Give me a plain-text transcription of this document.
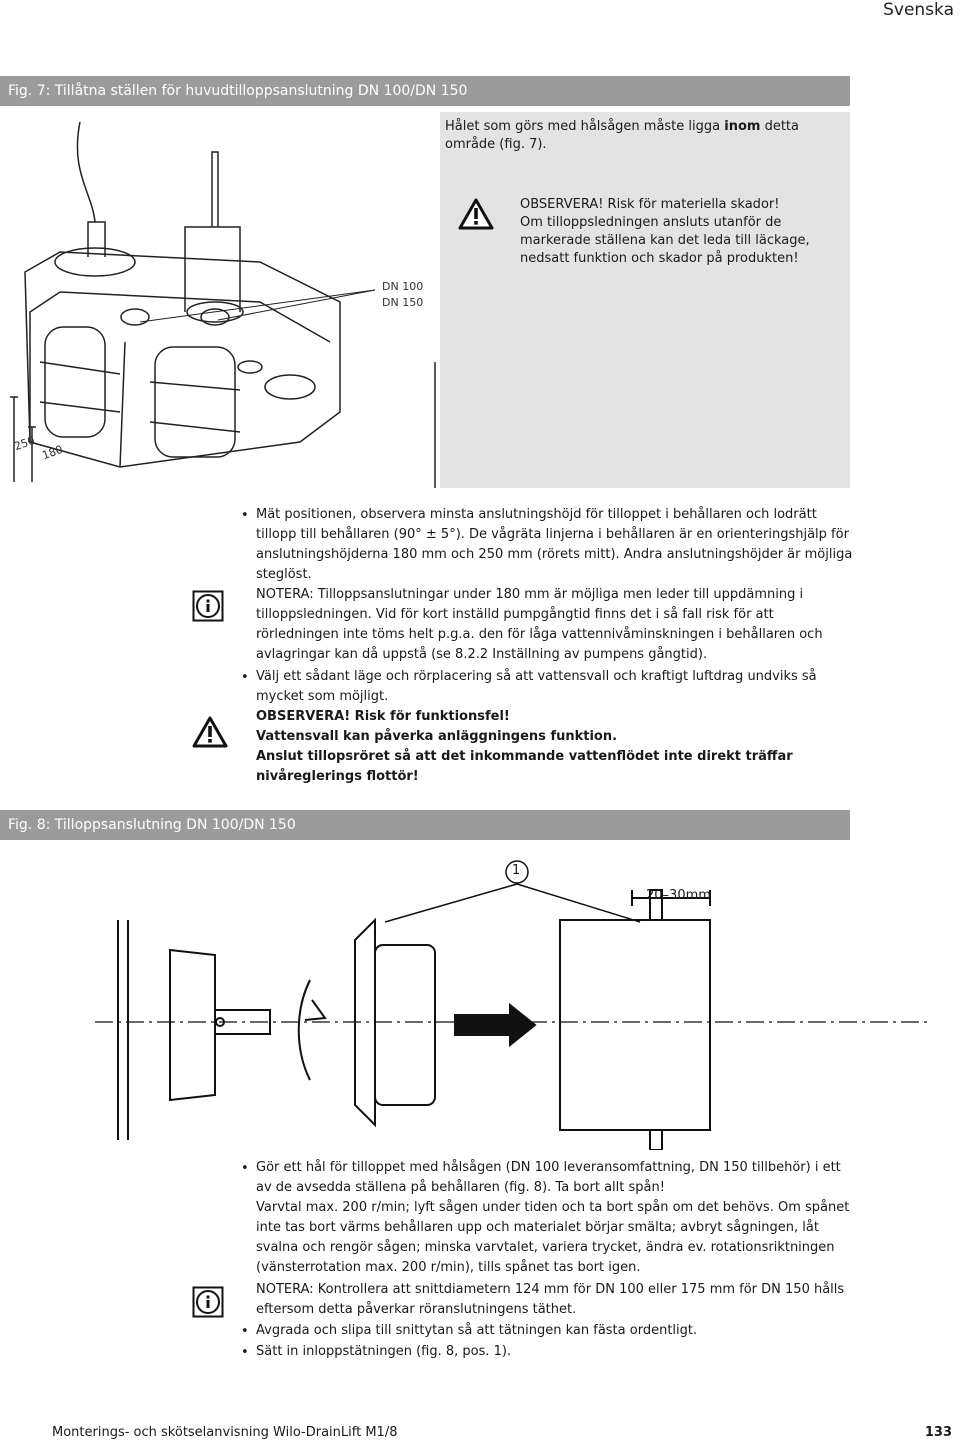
Svenska
Fig. 7: Tillåtna ställen för huvudtilloppsanslutning DN 100/DN 150
DN 100
DN 150
250 180
Hålet som görs med hålsågen måste ligga inom detta område (fig. 7).
OBSERVERA! Risk för materiella skador!
Om tilloppsledningen ansluts utanför de markerade ställena kan det leda till läckage, nedsatt funktion och skador på produkten!
• Mät positionen, observera minsta anslutningshöjd för tilloppet i behållaren och lodrätt tillopp till behållaren (90° ± 5°). De vågräta linjerna i behållaren är en orienteringshjälp för anslutningshöjderna 180 mm och 250 mm (rörets mitt). Andra anslutningshöjder är möjliga steglöst.
NOTERA: Tilloppsanslutningar under 180 mm är möjliga men leder till uppdämning i tilloppsledningen. Vid för kort inställd pumpgångtid finns det i så fall risk för att rörledningen inte töms helt p.g.a. den för låga vattennivåminskningen i behållaren och avlagringar kan då uppstå (se 8.2.2 Inställning av pumpens gångtid).
• Välj ett sådant läge och rörplacering så att vattensvall och kraftigt luftdrag undviks så mycket som möjligt.
OBSERVERA! Risk för funktionsfel!
Vattensvall kan påverka anläggningens funktion.
Anslut tillopsröret så att det inkommande vattenflödet inte direkt träffar nivåreglerings flottör!
Fig. 8: Tilloppsanslutning DN 100/DN 150
1
20–30mm
• Gör ett hål för tilloppet med hålsågen (DN 100 leveransomfattning, DN 150 tillbehör) i ett av de avsedda ställena på behållaren (fig. 8). Ta bort allt spån!
Varvtal max. 200 r/min; lyft sågen under tiden och ta bort spån om det behövs. Om spånet inte tas bort värms behållaren upp och materialet börjar smälta; avbryt sågningen, låt svalna och rengör sågen; minska varvtalet, variera trycket, ändra ev. rotationsriktningen (vänsterrotation max. 200 r/min), tills spånet tas bort igen.
NOTERA: Kontrollera att snittdiametern 124 mm för DN 100 eller 175 mm för DN 150 hålls eftersom detta påverkar röranslutningens täthet.
• Avgrada och slipa till snittytan så att tätningen kan fästa ordentligt.
• Sätt in inloppstätningen (fig. 8, pos. 1).
Monterings- och skötselanvisning Wilo-DrainLift M1/8	133
